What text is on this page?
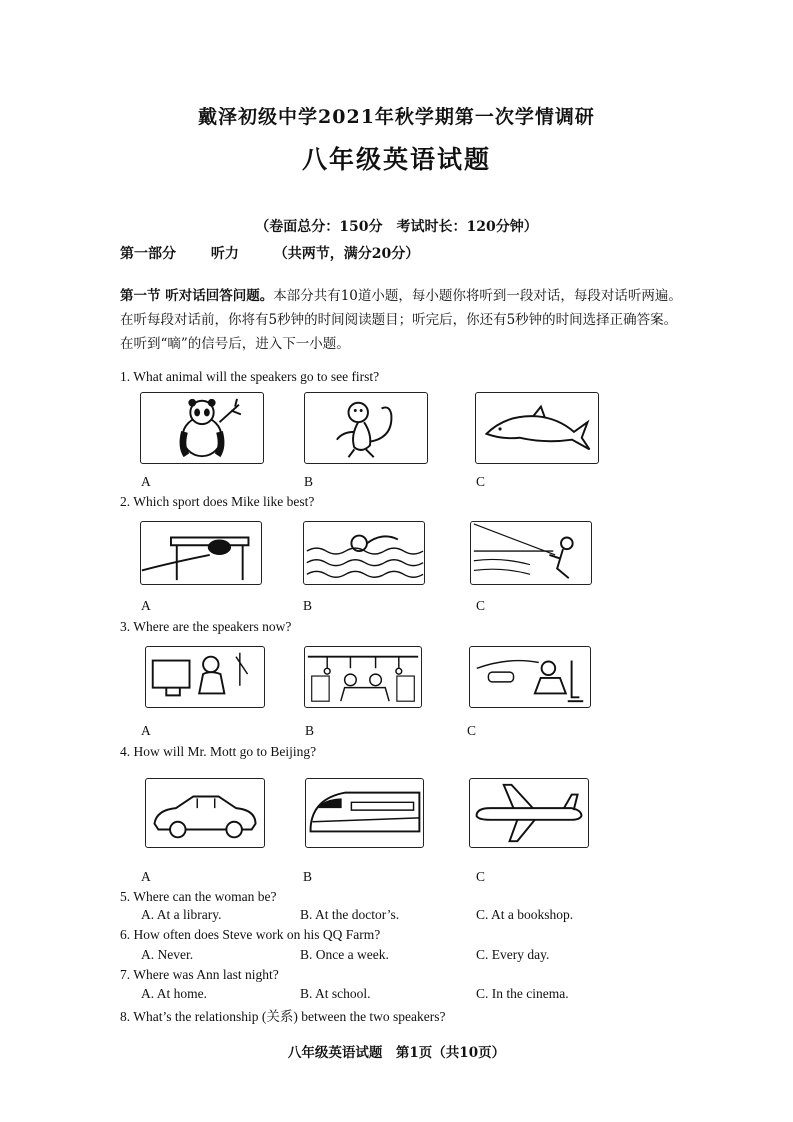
戴泽初级中学2021年秋学期第一次学情调研
八年级英语试题
（卷面总分：150分　考试时长：120分钟）
第一部分 听力 （共两节，满分20分）
第一节 听对话回答问题。本部分共有10道小题，每小题你将听到一段对话，每段对话听两遍。在听每段对话前，你将有5秒钟的时间阅读题目；听完后，你还有5秒钟的时间选择正确答案。在听到“嘀”的信号后，进入下一小题。
1. What animal will the speakers go to see first?
A	B	C
2. Which sport does Mike like best?
A	B	C
3. Where are the speakers now?
A	B	C
4. How will Mr. Mott go to Beijing?
A	B	C
5. Where can the woman be?
A. At a library.	B. At the doctor’s.	C. At a bookshop.
6. How often does Steve work on his QQ Farm?
A. Never.	B. Once a week.	C. Every day.
7. Where was Ann last night?
A. At home.	B. At school.	C. In the cinema.
8. What’s the relationship (关系) between the two speakers?
八年级英语试题　第1页（共10页）
